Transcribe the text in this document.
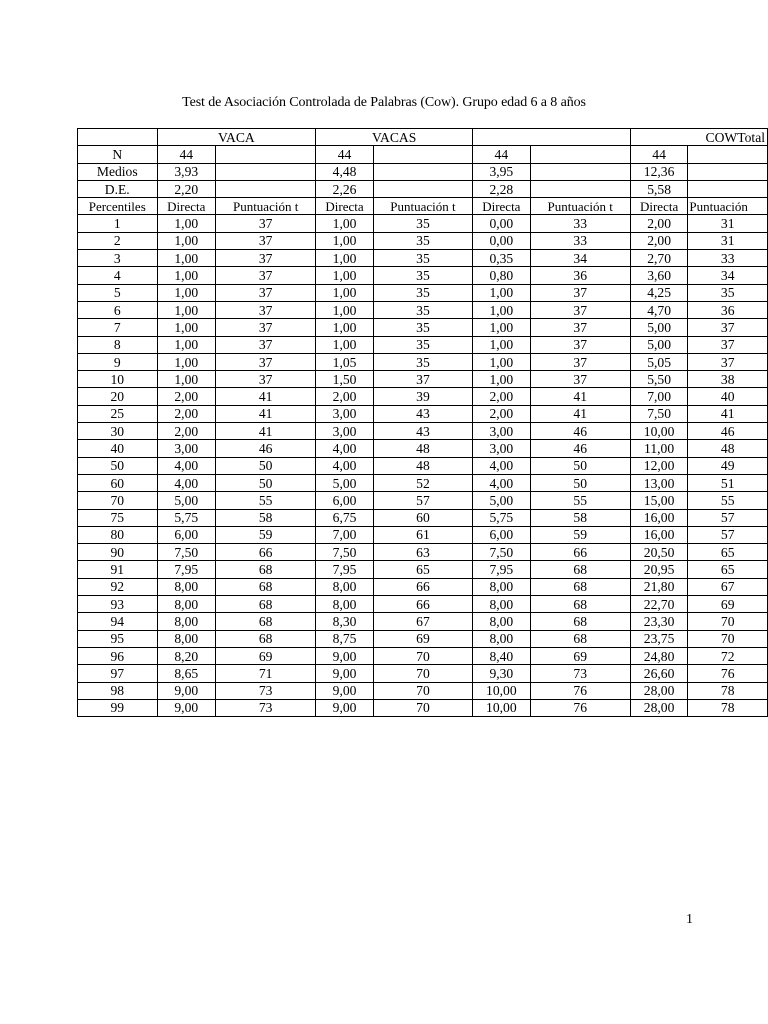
Test de Asociación Controlada de Palabras (Cow). Grupo edad 6 a 8 años
	VACA		VACAS				COWTotal	
N	44		44		44		44	
Medios	3,93		4,48		3,95		12,36	
D.E.	2,20		2,26		2,28		5,58	
Percentiles	Directa	Puntuación t	Directa	Puntuación t	Directa	Puntuación t	Directa	Puntuación
1	1,00	37	1,00	35	0,00	33	2,00	31
2	1,00	37	1,00	35	0,00	33	2,00	31
3	1,00	37	1,00	35	0,35	34	2,70	33
4	1,00	37	1,00	35	0,80	36	3,60	34
5	1,00	37	1,00	35	1,00	37	4,25	35
6	1,00	37	1,00	35	1,00	37	4,70	36
7	1,00	37	1,00	35	1,00	37	5,00	37
8	1,00	37	1,00	35	1,00	37	5,00	37
9	1,00	37	1,05	35	1,00	37	5,05	37
10	1,00	37	1,50	37	1,00	37	5,50	38
20	2,00	41	2,00	39	2,00	41	7,00	40
25	2,00	41	3,00	43	2,00	41	7,50	41
30	2,00	41	3,00	43	3,00	46	10,00	46
40	3,00	46	4,00	48	3,00	46	11,00	48
50	4,00	50	4,00	48	4,00	50	12,00	49
60	4,00	50	5,00	52	4,00	50	13,00	51
70	5,00	55	6,00	57	5,00	55	15,00	55
75	5,75	58	6,75	60	5,75	58	16,00	57
80	6,00	59	7,00	61	6,00	59	16,00	57
90	7,50	66	7,50	63	7,50	66	20,50	65
91	7,95	68	7,95	65	7,95	68	20,95	65
92	8,00	68	8,00	66	8,00	68	21,80	67
93	8,00	68	8,00	66	8,00	68	22,70	69
94	8,00	68	8,30	67	8,00	68	23,30	70
95	8,00	68	8,75	69	8,00	68	23,75	70
96	8,20	69	9,00	70	8,40	69	24,80	72
97	8,65	71	9,00	70	9,30	73	26,60	76
98	9,00	73	9,00	70	10,00	76	28,00	78
99	9,00	73	9,00	70	10,00	76	28,00	78
1
